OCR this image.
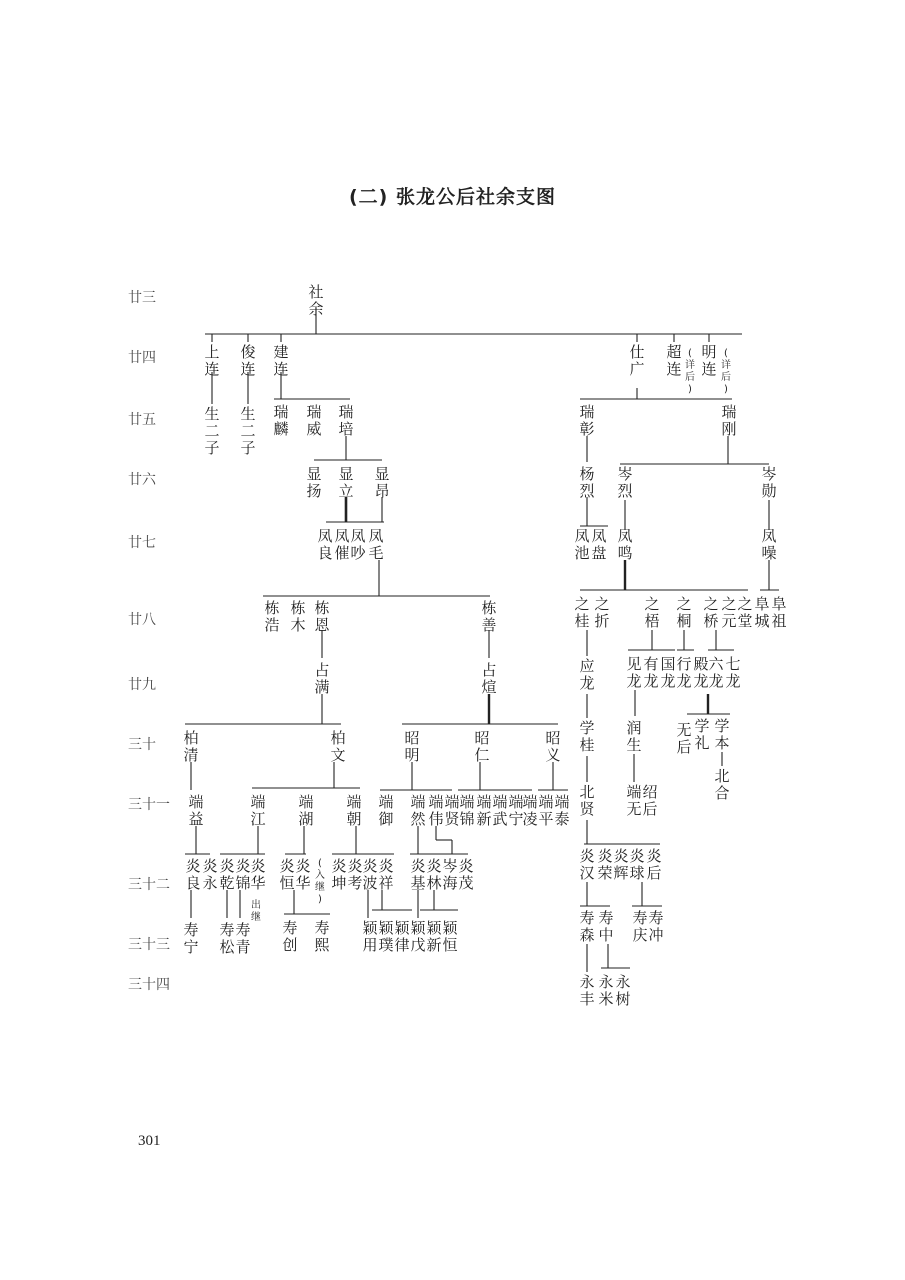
(二) 张龙公后社余支图
廿三
廿四
廿五
廿六
廿七
廿八
廿九
三十
三十一
三十二
三十三
三十四
社余
上连
俊连
建连
仕广
超连
明连
瑞麟
瑞威
瑞培
瑞彰
瑞刚
显扬
显立
显昂
杨烈
岑烈
岑勋
凤良
凤催
凤吵
凤毛
凤池
凤盘
凤鸣
凤噪
栋浩
栋木
栋恩
栋善
之桂
之折
之梧
之桐
之桥
之元
之堂
阜城
阜祖
占满
占煊
应龙
见龙
有龙
国龙
行龙
殿龙
六龙
七龙
无后
柏清
柏文
昭明
昭仁
昭义
学桂
润生
学礼
学本
端益
端江
端湖
端朝
端御
端然
端伟
端贤
端锦
端新
端武
端宁
端凌
端平
端泰
北贤
端无
绍后
北合
炎良
炎永
炎乾
炎锦
炎华
炎恒
炎华
炎坤
炎考
炎波
炎祥
炎基
炎林
岑海
炎茂
炎汉
炎荣
炎辉
炎球
炎后
寿宁
寿松
寿青
寿创
寿熙
颖用
颖璞
颖律
颖戊
颖新
颖恒
寿森
寿中
寿庆
寿冲
永丰
永米
永树
(详后)
(详后)
生二子
生二子
出继
(入继)
301
